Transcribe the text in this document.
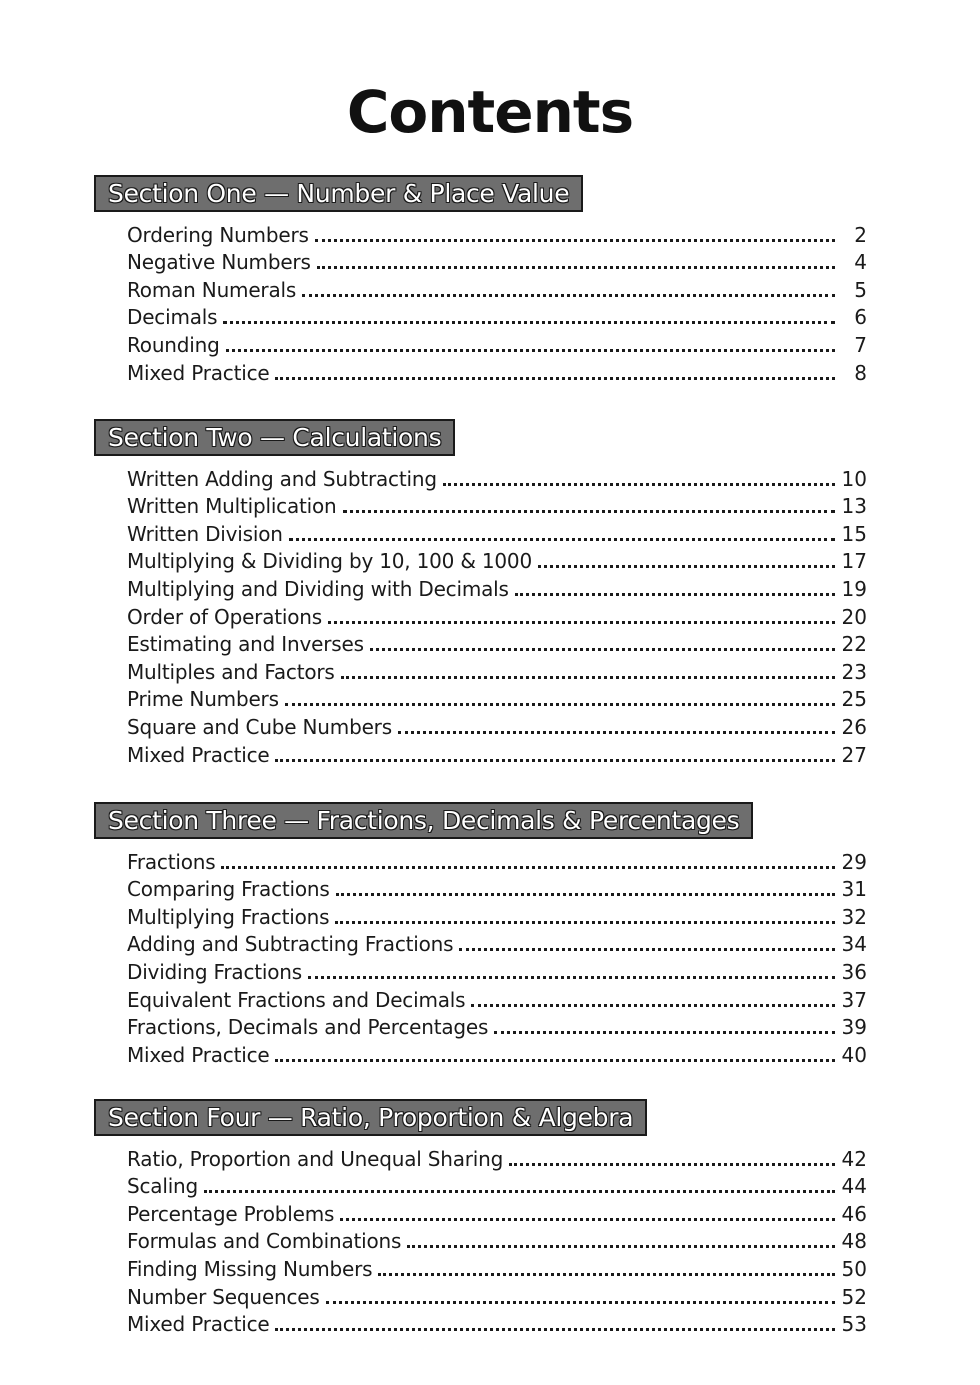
Contents
Section One — Number & Place Value
Ordering Numbers	2
Negative Numbers	4
Roman Numerals	5
Decimals	6
Rounding	7
Mixed Practice	8
Section Two — Calculations
Written Adding and Subtracting	10
Written Multiplication	13
Written Division	15
Multiplying & Dividing by 10, 100 & 1000	17
Multiplying and Dividing with Decimals	19
Order of Operations	20
Estimating and Inverses	22
Multiples and Factors	23
Prime Numbers	25
Square and Cube Numbers	26
Mixed Practice	27
Section Three — Fractions, Decimals & Percentages
Fractions	29
Comparing Fractions	31
Multiplying Fractions	32
Adding and Subtracting Fractions	34
Dividing Fractions	36
Equivalent Fractions and Decimals	37
Fractions, Decimals and Percentages	39
Mixed Practice	40
Section Four — Ratio, Proportion & Algebra
Ratio, Proportion and Unequal Sharing	42
Scaling	44
Percentage Problems	46
Formulas and Combinations	48
Finding Missing Numbers	50
Number Sequences	52
Mixed Practice	53
